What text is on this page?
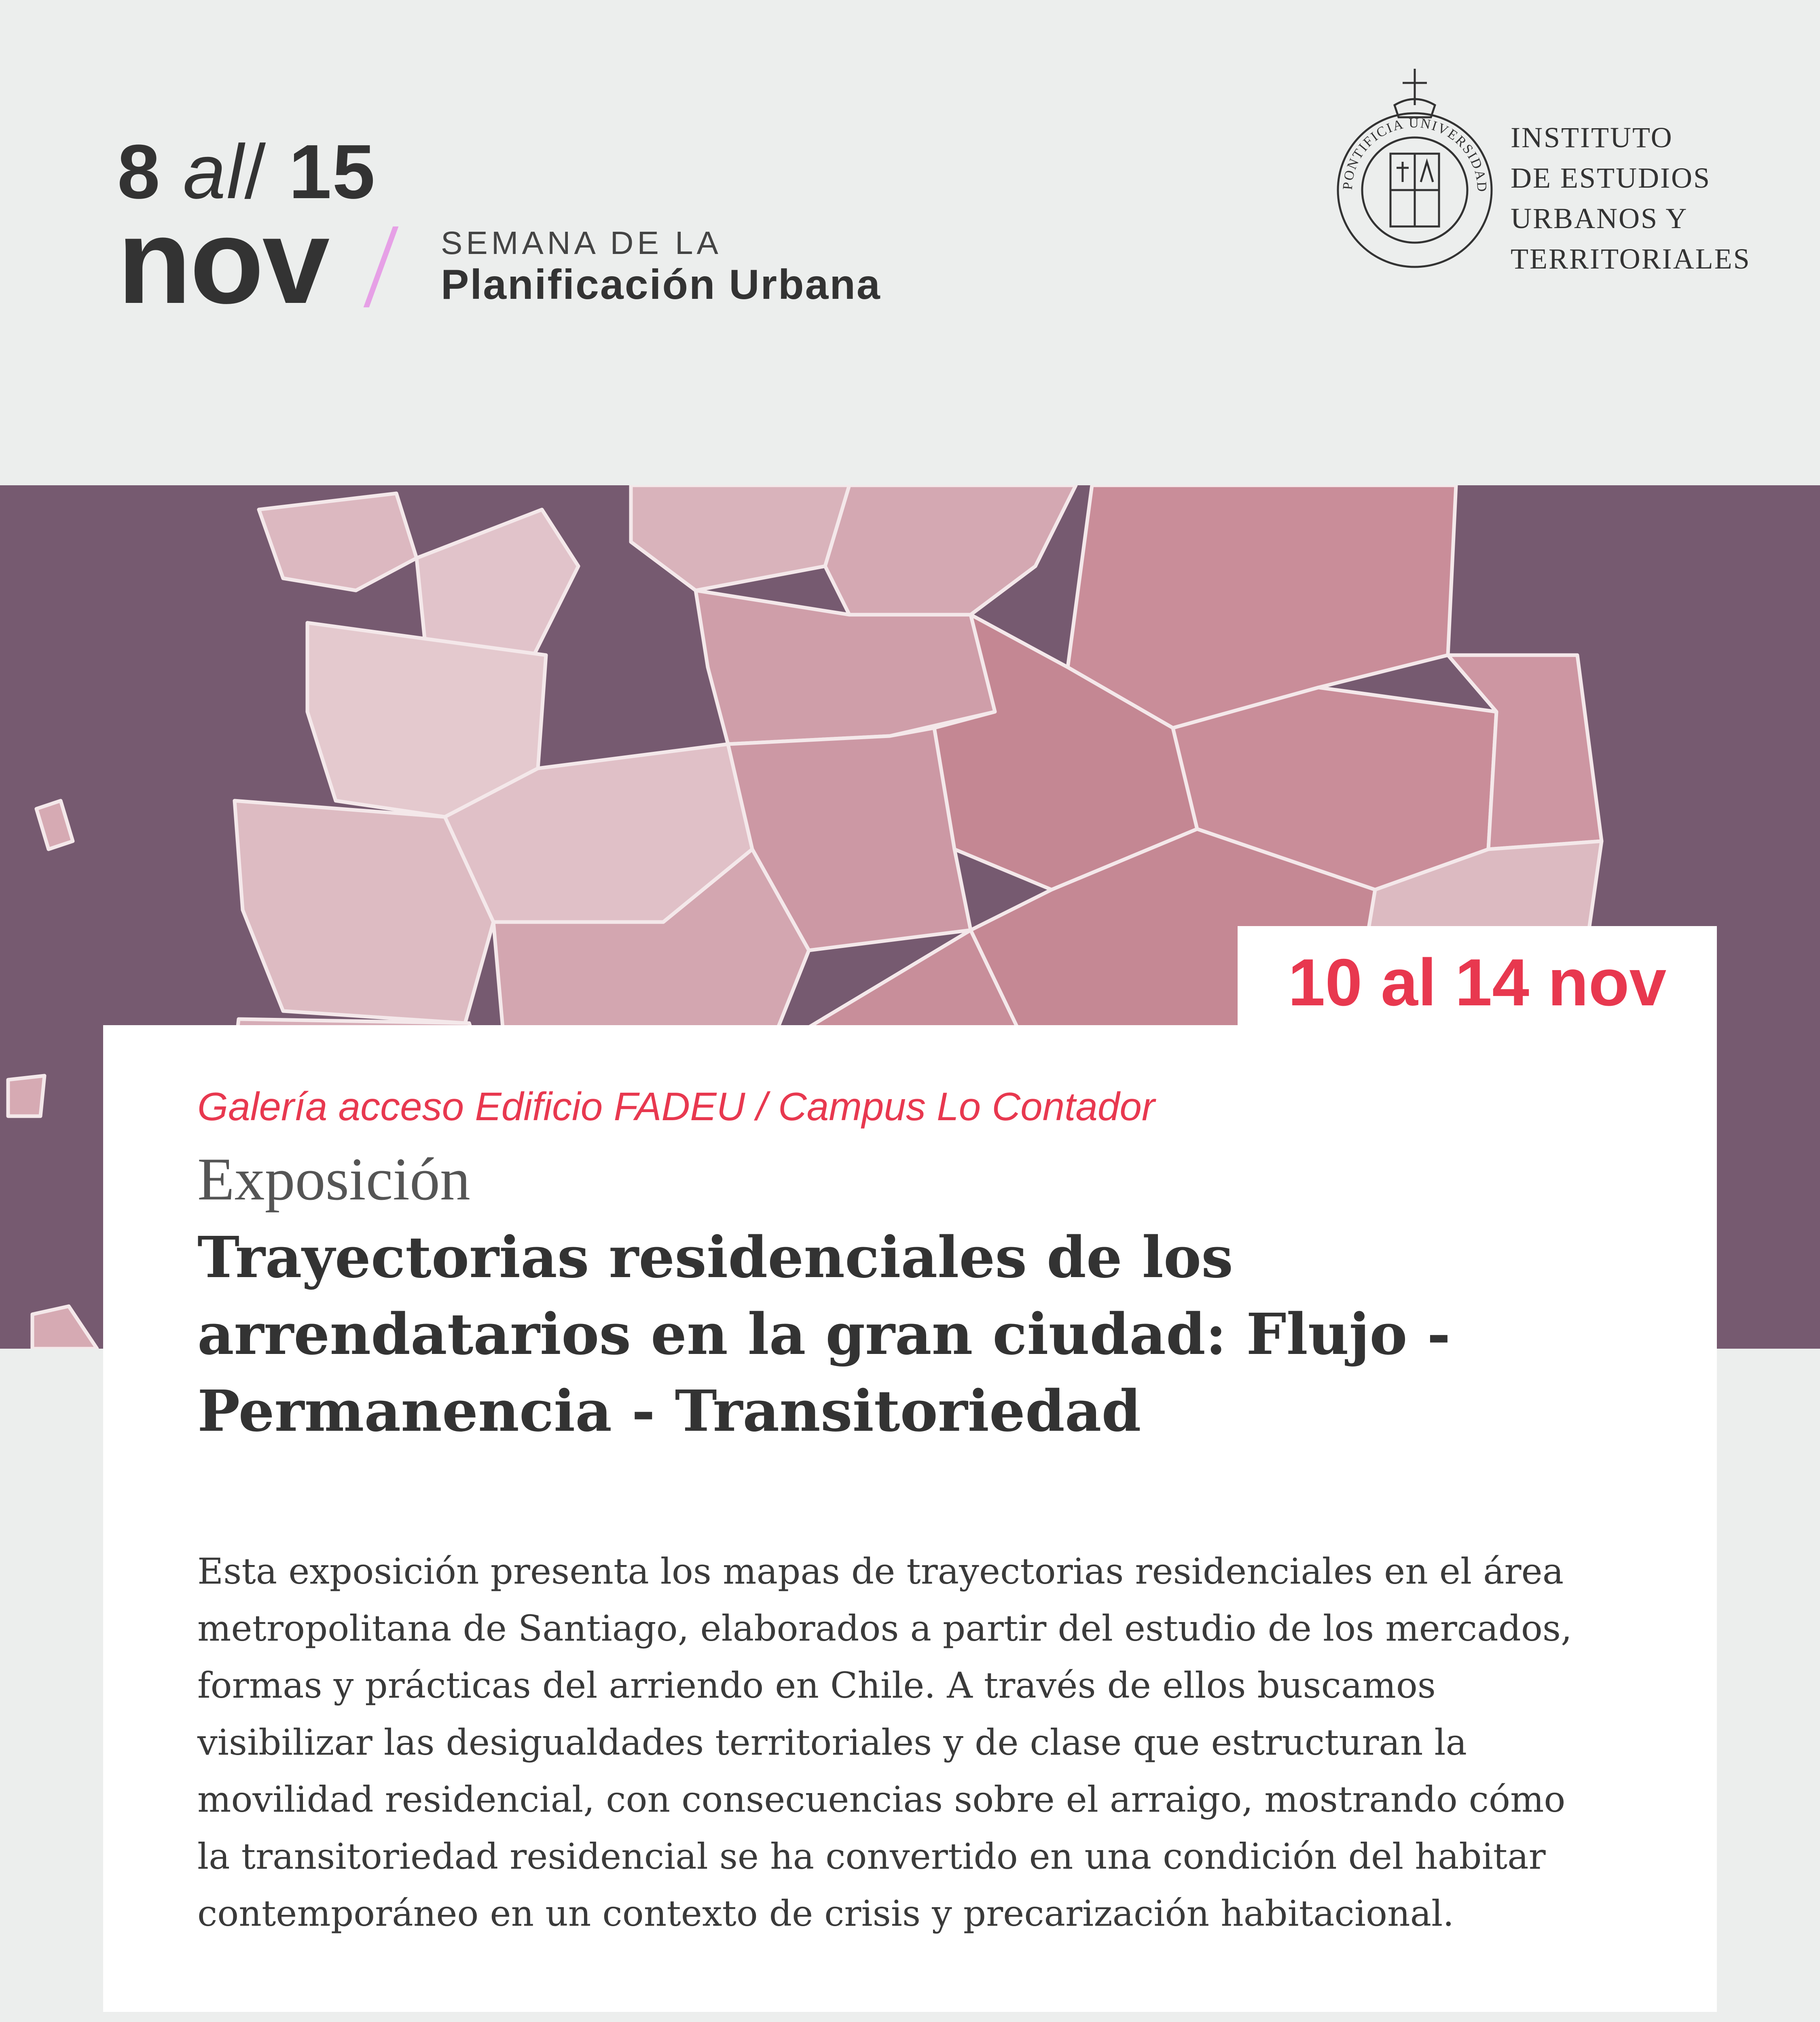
8 al/ 15
nov	SEMANA DE LA
Planificación Urbana
PONTIFICIA UNIVERSIDAD
INSTITUTO
DE ESTUDIOS
URBANOS Y
TERRITORIALES
10 al 14 nov
Galería acceso Edificio FADEU / Campus Lo Contador
Exposición
Trayectorias residenciales de los
arrendatarios en la gran ciudad: Flujo -
Permanencia - Transitoriedad
Esta exposición presenta los mapas de trayectorias residenciales en el área
metropolitana de Santiago, elaborados a partir del estudio de los mercados,
formas y prácticas del arriendo en Chile. A través de ellos buscamos
visibilizar las desigualdades territoriales y de clase que estructuran la
movilidad residencial, con consecuencias sobre el arraigo, mostrando cómo
la transitoriedad residencial se ha convertido en una condición del habitar
contemporáneo en un contexto de crisis y precarización habitacional.
